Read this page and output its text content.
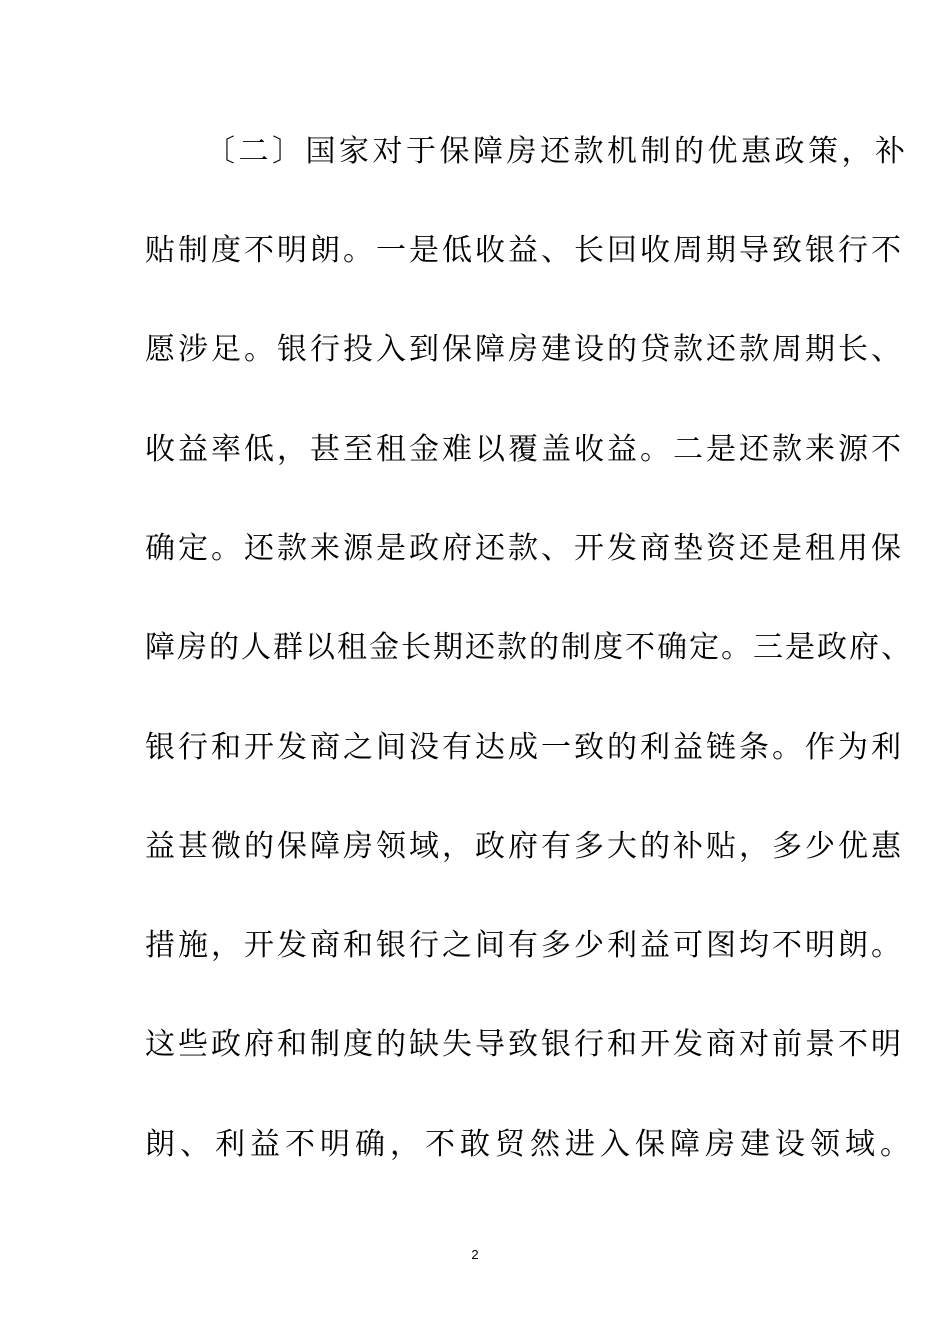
〔二〕国家对于保障房还款机制的优惠政策，补
贴制度不明朗。一是低收益、长回收周期导致银行不
愿涉足。银行投入到保障房建设的贷款还款周期长、
收益率低，甚至租金难以覆盖收益。二是还款来源不
确定。还款来源是政府还款、开发商垫资还是租用保
障房的人群以租金长期还款的制度不确定。三是政府、
银行和开发商之间没有达成一致的利益链条。作为利
益甚微的保障房领域，政府有多大的补贴，多少优惠
措施，开发商和银行之间有多少利益可图均不明朗。
这些政府和制度的缺失导致银行和开发商对前景不明
朗、利益不明确，不敢贸然进入保障房建设领域。
2
